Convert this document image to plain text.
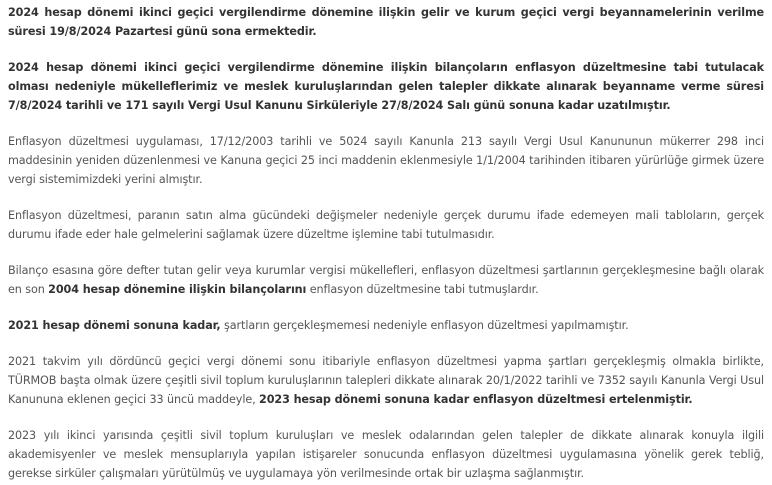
2024 hesap dönemi ikinci geçici vergilendirme dönemine ilişkin gelir ve kurum geçici vergi beyannamelerinin verilme süresi 19/8/2024 Pazartesi günü sona ermektedir.

2024 hesap dönemi ikinci geçici vergilendirme dönemine ilişkin bilançoların enflasyon düzeltmesine tabi tutulacak olması nedeniyle mükelleflerimiz ve meslek kuruluşlarından gelen talepler dikkate alınarak beyanname verme süresi 7/8/2024 tarihli ve 171 sayılı Vergi Usul Kanunu Sirküleriyle 27/8/2024 Salı günü sonuna kadar uzatılmıştır.

Enflasyon düzeltmesi uygulaması, 17/12/2003 tarihli ve 5024 sayılı Kanunla 213 sayılı Vergi Usul Kanununun mükerrer 298 inci maddesinin yeniden düzenlenmesi ve Kanuna geçici 25 inci maddenin eklenmesiyle 1/1/2004 tarihinden itibaren yürürlüğe girmek üzere vergi sistemimizdeki yerini almıştır.

Enflasyon düzeltmesi, paranın satın alma gücündeki değişmeler nedeniyle gerçek durumu ifade edemeyen mali tabloların, gerçek durumu ifade eder hale gelmelerini sağlamak üzere düzeltme işlemine tabi tutulmasıdır.

Bilanço esasına göre defter tutan gelir veya kurumlar vergisi mükellefleri, enflasyon düzeltmesi şartlarının gerçekleşmesine bağlı olarak en son 2004 hesap dönemine ilişkin bilançolarını enflasyon düzeltmesine tabi tutmuşlardır.

2021 hesap dönemi sonuna kadar, şartların gerçekleşmemesi nedeniyle enflasyon düzeltmesi yapılmamıştır.

2021 takvim yılı dördüncü geçici vergi dönemi sonu itibariyle enflasyon düzeltmesi yapma şartları gerçekleşmiş olmakla birlikte, TÜRMOB başta olmak üzere çeşitli sivil toplum kuruluşlarının talepleri dikkate alınarak 20/1/2022 tarihli ve 7352 sayılı Kanunla Vergi Usul Kanununa eklenen geçici 33 üncü maddeyle, 2023 hesap dönemi sonuna kadar enflasyon düzeltmesi ertelenmiştir.

2023 yılı ikinci yarısında çeşitli sivil toplum kuruluşları ve meslek odalarından gelen talepler de dikkate alınarak konuyla ilgili akademisyenler ve meslek mensuplarıyla yapılan istişareler sonucunda enflasyon düzeltmesi uygulamasına yönelik gerek tebliğ, gerekse sirküler çalışmaları yürütülmüş ve uygulamaya yön verilmesinde ortak bir uzlaşma sağlanmıştır.
